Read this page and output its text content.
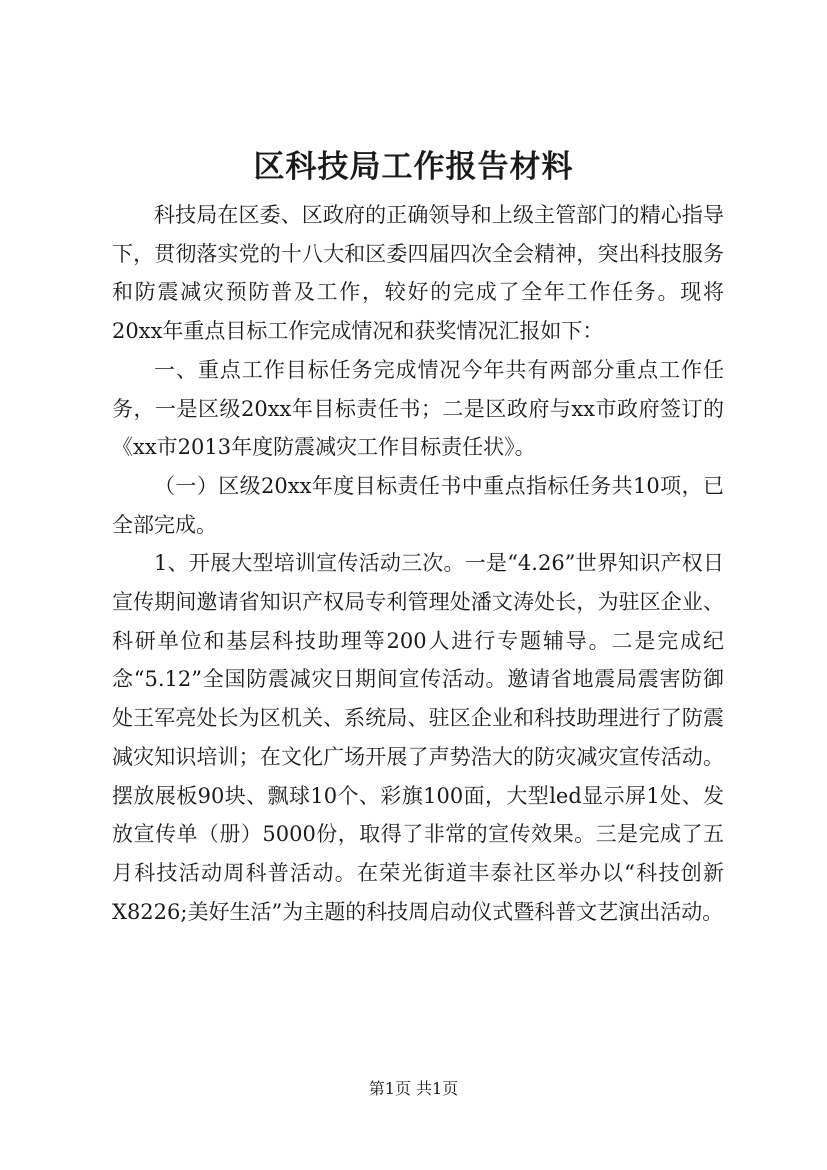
区科技局工作报告材料

科技局在区委、区政府的正确领导和上级主管部门的精心指导下，贯彻落实党的十八大和区委四届四次全会精神，突出科技服务和防震减灾预防普及工作，较好的完成了全年工作任务。现将20xx年重点目标工作完成情况和获奖情况汇报如下：

一、重点工作目标任务完成情况今年共有两部分重点工作任务，一是区级20xx年目标责任书；二是区政府与xx市政府签订的《xx市2013年度防震减灾工作目标责任状》。

（一）区级20xx年度目标责任书中重点指标任务共10项，已全部完成。

1、开展大型培训宣传活动三次。一是“4.26”世界知识产权日宣传期间邀请省知识产权局专利管理处潘文涛处长，为驻区企业、科研单位和基层科技助理等200人进行专题辅导。二是完成纪念“5.12”全国防震减灾日期间宣传活动。邀请省地震局震害防御处王军亮处长为区机关、系统局、驻区企业和科技助理进行了防震减灾知识培训；在文化广场开展了声势浩大的防灾减灾宣传活动。摆放展板90块、飘球10个、彩旗100面，大型led显示屏1处、发放宣传单（册）5000份，取得了非常的宣传效果。三是完成了五月科技活动周科普活动。在荣光街道丰泰社区举办以“科技创新X8226;美好生活”为主题的科技周启动仪式暨科普文艺演出活动。

第1页 共1页
